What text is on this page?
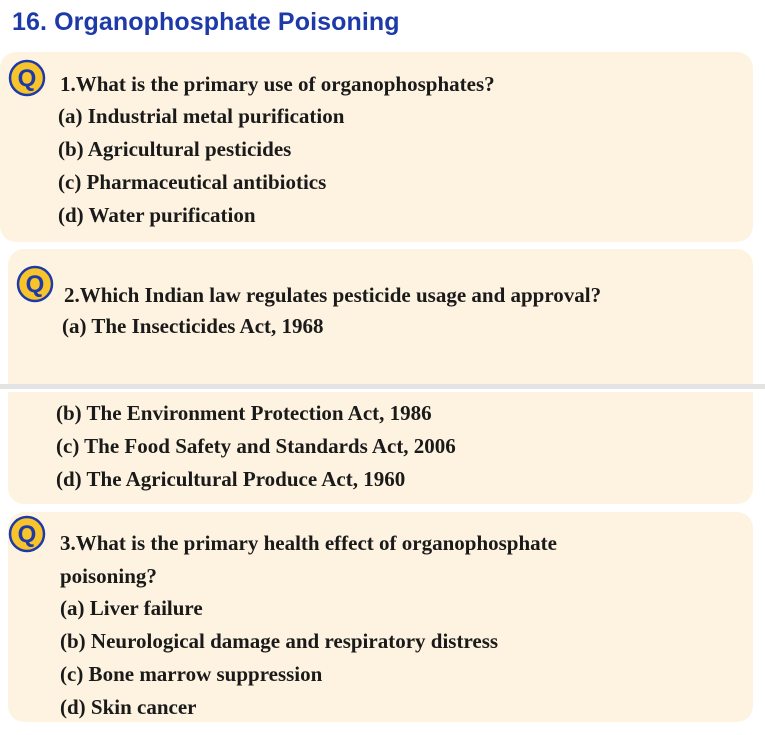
16. Organophosphate Poisoning
Q 1.What is the primary use of organophosphates?
(a) Industrial metal purification
(b) Agricultural pesticides
(c) Pharmaceutical antibiotics
(d) Water purification
Q 2.Which Indian law regulates pesticide usage and approval?
(a) The Insecticides Act, 1968
(b) The Environment Protection Act, 1986
(c) The Food Safety and Standards Act, 2006
(d) The Agricultural Produce Act, 1960
Q 3.What is the primary health effect of organophosphate
poisoning?
(a) Liver failure
(b) Neurological damage and respiratory distress
(c) Bone marrow suppression
(d) Skin cancer
